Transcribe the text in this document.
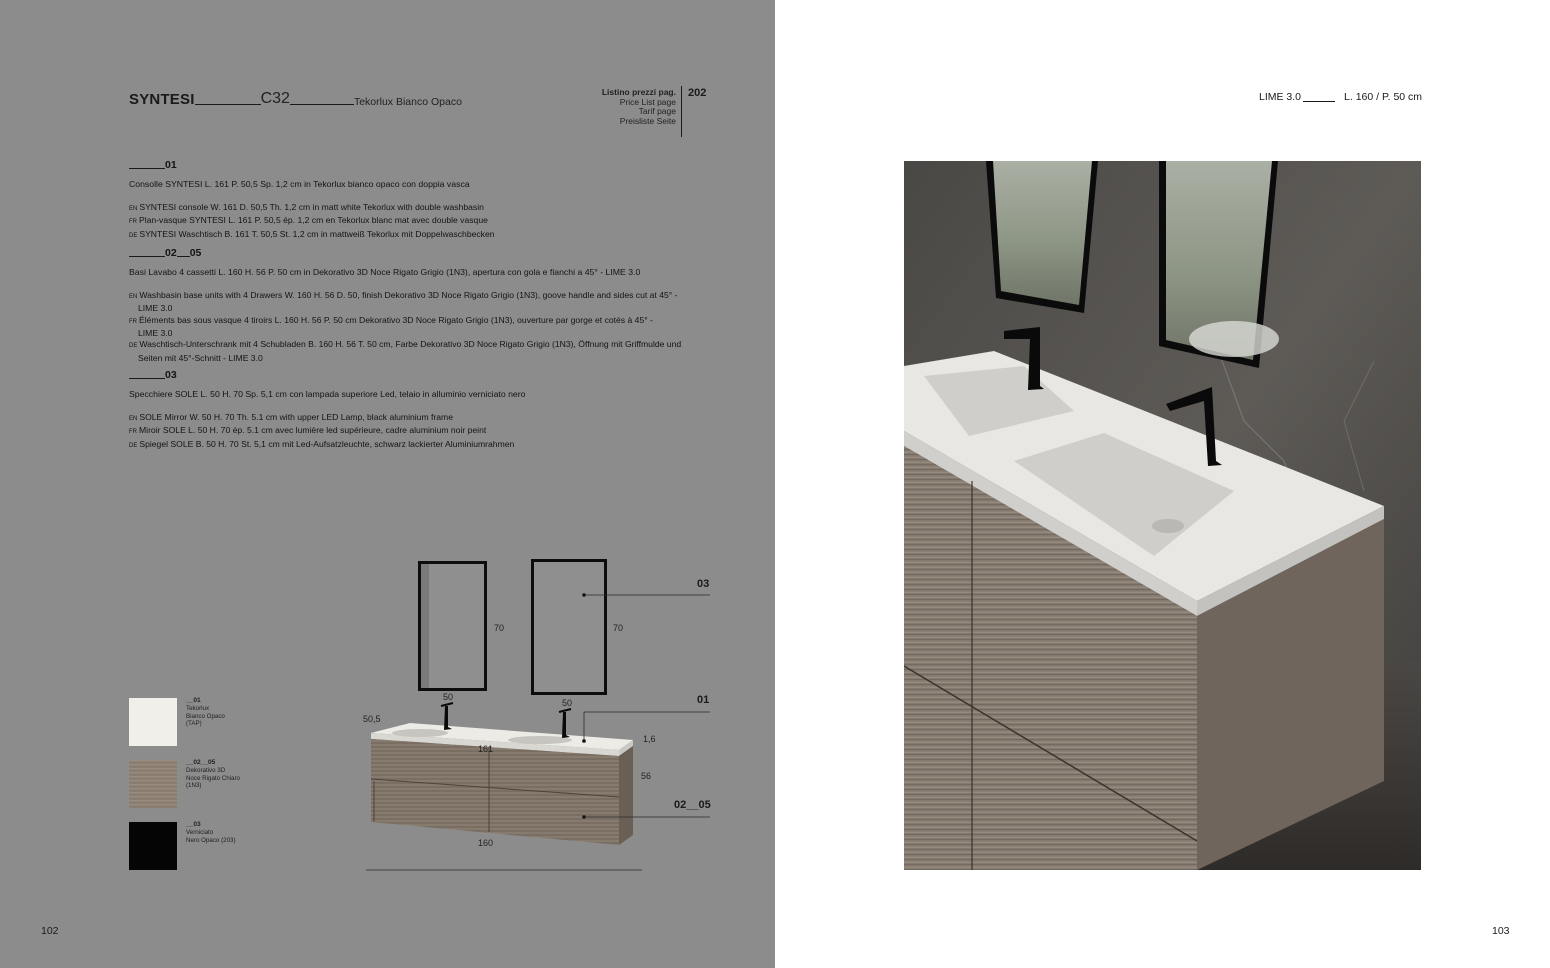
SYNTESI	C32	Tekorlux Bianco Opaco
Listino prezzi pag.
Price List page
Tarif page
Preisliste Seite
202
01
Consolle SYNTESI L. 161 P. 50,5 Sp. 1,2 cm in Tekorlux bianco opaco con doppia vasca
EN SYNTESI console W. 161 D. 50,5 Th. 1,2 cm in matt white Tekorlux with double washbasin
FR Plan-vasque SYNTESI L. 161 P. 50,5 ép. 1,2 cm en Tekorlux blanc mat avec double vasque
DE SYNTESI Waschtisch B. 161 T. 50,5 St. 1,2 cm in mattweiß Tekorlux mit Doppelwaschbecken
02 05
Basi Lavabo 4 cassetti L. 160 H. 56 P. 50 cm in Dekorativo 3D Noce Rigato Grigio (1N3), apertura con gola e fianchi a 45° - LIME 3.0
EN Washbasin base units with 4 Drawers W. 160 H. 56 D. 50, finish Dekorativo 3D Noce Rigato Grigio (1N3), goove handle and sides cut at 45° -
LIME 3.0
FR Éléments bas sous vasque 4 tiroirs L. 160 H. 56 P. 50 cm Dekorativo 3D Noce Rigato Grigio (1N3), ouverture par gorge et cotés à 45° -
LIME 3.0
DE Waschtisch-Unterschrank mit 4 Schubladen B. 160 H. 56 T. 50 cm, Farbe Dekorativo 3D Noce Rigato Grigio (1N3), Öffnung mit Griffmulde und
Seiten mit 45°-Schnitt - LIME 3.0
03
Specchiere SOLE L. 50 H. 70 Sp. 5,1 cm con lampada superiore Led, telaio in alluminio verniciato nero
EN SOLE Mirror W. 50 H. 70 Th. 5.1 cm with upper LED Lamp, black aluminium frame
FR Miroir SOLE L. 50 H. 70 ép. 5.1 cm avec lumière led supérieure, cadre aluminium noir peint
DE Spiegel SOLE B. 50 H. 70 St. 5,1 cm mit Led-Aufsatzleuchte, schwarz lackierter Aluminiumrahmen
__01
Tekorlux
Bianco Opaco
(TAP)
__02__05
Dekorativo 3D
Noce Rigato Chiaro
(1N3)
__03
Verniciato
Nero Opaco (203)
70	70
50
50
50,5
161
1,6
56
160
03
01
02__05
102
LIME 3.0	L. 160 / P. 50 cm
103
